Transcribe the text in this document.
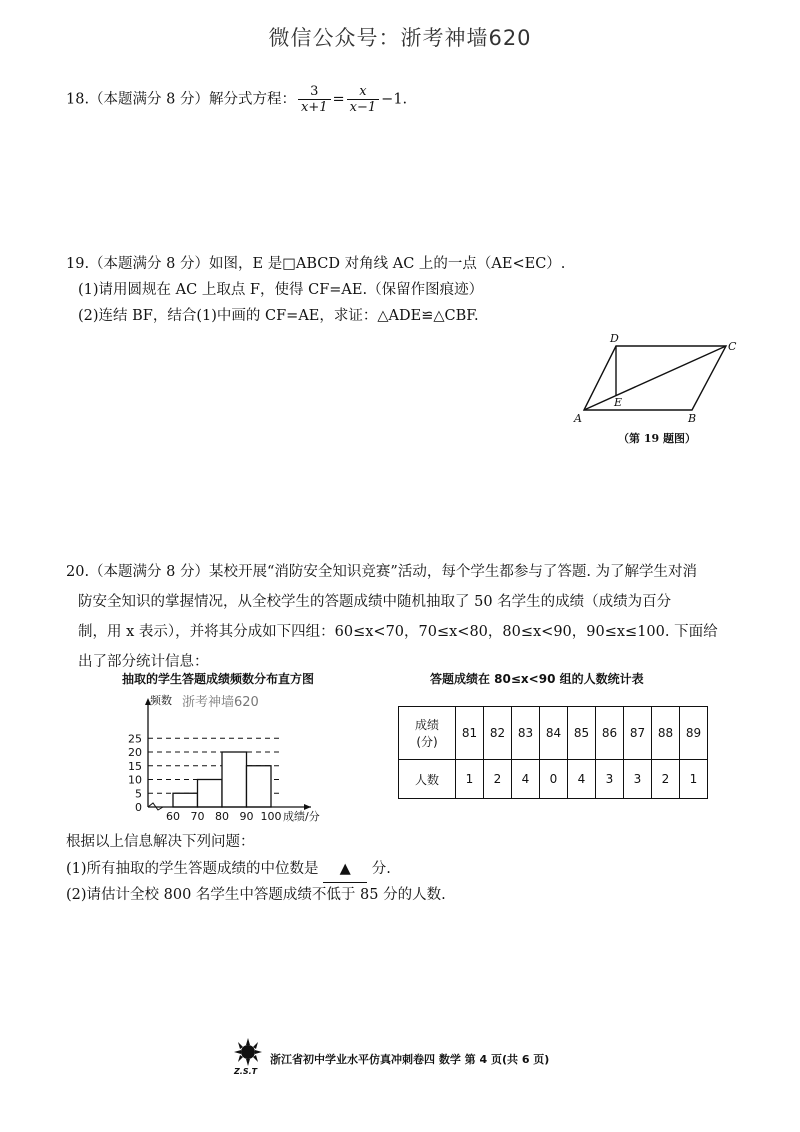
微信公众号：浙考神墙620
18.（本题满分 8 分）解分式方程： $\frac{3}{x+1} = \frac{x}{x-1} -1$.
19.（本题满分 8 分）如图，E 是□ABCD 对角线 AC 上的一点（AE<EC）.
(1)请用圆规在 AC 上取点 F，使得 CF=AE.（保留作图痕迹）
(2)连结 BF，结合(1)中画的 CF=AE，求证：△ADE≌△CBF.
A	B
C
D
E
（第 19 题图）
20.（本题满分 8 分）某校开展“消防安全知识竞赛”活动，每个学生都参与了答题. 为了解学生对消
防安全知识的掌握情况，从全校学生的答题成绩中随机抽取了 50 名学生的成绩（成绩为百分
制，用 x 表示），并将其分成如下四组：60≤x<70，70≤x<80，80≤x<90，90≤x≤100. 下面给
出了部分统计信息：
抽取的学生答题成绩频数分布直方图	答题成绩在 80≤x<90 组的人数统计表
0
5
10
15
20
25
60 70 80 90 100
频数
成绩/分
浙考神墙620
成绩
(分)	81	82	83	84	85	86	87	88	89
人数	1	2	4	0	4	3	3	2	1
根据以上信息解决下列问题：
(1)所有抽取的学生答题成绩的中位数是 ▲ 分.
(2)请估计全校 800 名学生中答题成绩不低于 85 分的人数.
Z.S.T
浙江省初中学业水平仿真冲刺卷四 数学 第 4 页(共 6 页)
